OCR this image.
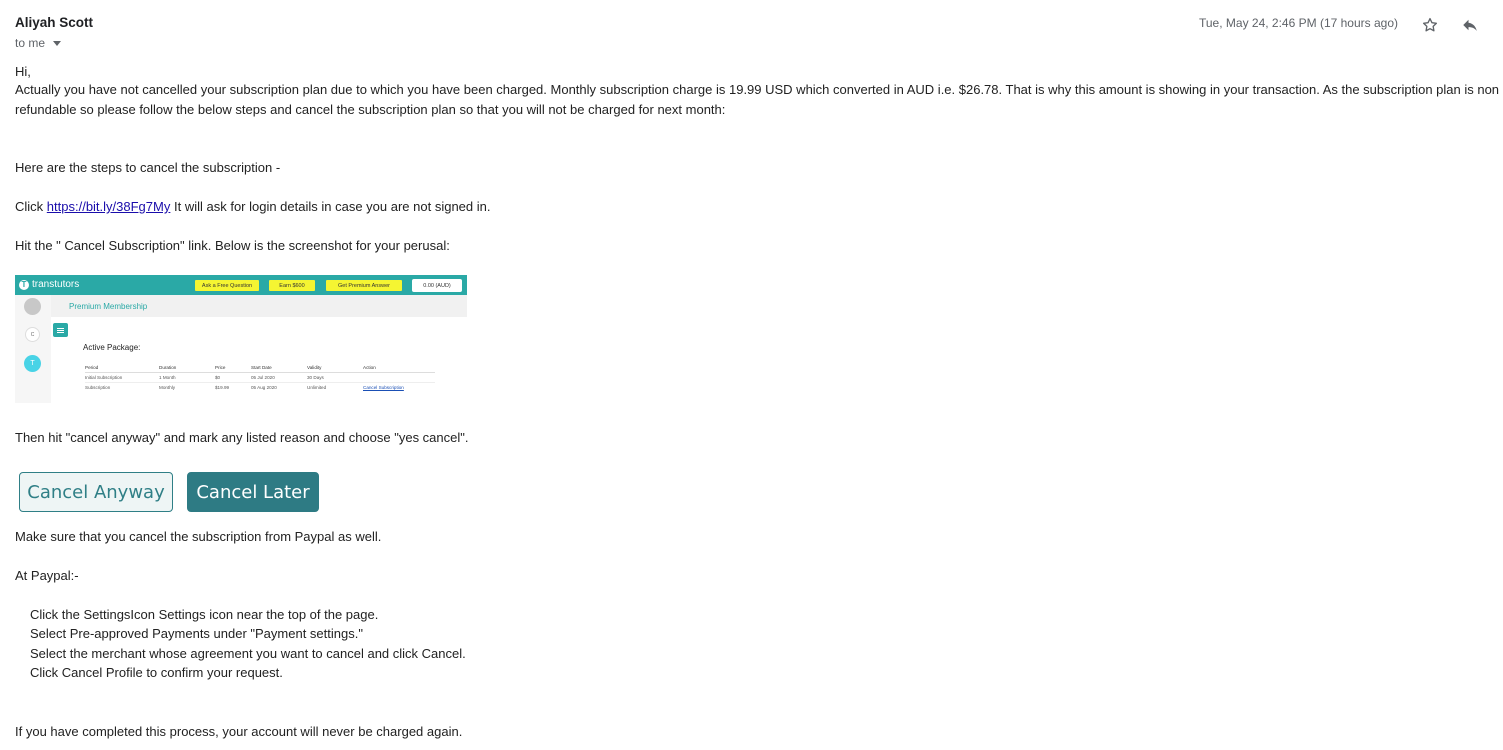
Aliyah Scott
to me
Tue, May 24, 2:46 PM (17 hours ago)
Hi,
Actually you have not cancelled your subscription plan due to which you have been charged. Monthly subscription charge is 19.99 USD which converted in AUD i.e. $26.78. That is why this amount is showing in your transaction. As the subscription plan is non refundable so please follow the below steps and cancel the subscription plan so that you will not be charged for next month:
Here are the steps to cancel the subscription -
Click https://bit.ly/38Fg7My It will ask for login details in case you are not signed in.
Hit the " Cancel Subscription" link. Below is the screenshot for your perusal:
Then hit "cancel anyway" and mark any listed reason and choose "yes cancel".
Make sure that you cancel the subscription from Paypal as well.
At Paypal:-
Click the SettingsIcon Settings icon near the top of the page.
Select Pre-approved Payments under "Payment settings."
Select the merchant whose agreement you want to cancel and click Cancel.
Click Cancel Profile to confirm your request.
If you have completed this process, your account will never be charged again.
T transtutors	Ask a Free Question	Earn $600	Get Premium Answer	0.00 (AUD)
Premium Membership
C
T
Active Package:
Period	Duration	Price	Start Date	Validity	Action
Initial Subscription	1 Month	$0	05 Jul 2020	30 Days	
Subscription	Monthly	$19.99	05 Aug 2020	Unlimited	Cancel Subscription
Cancel Anyway	Cancel Later
